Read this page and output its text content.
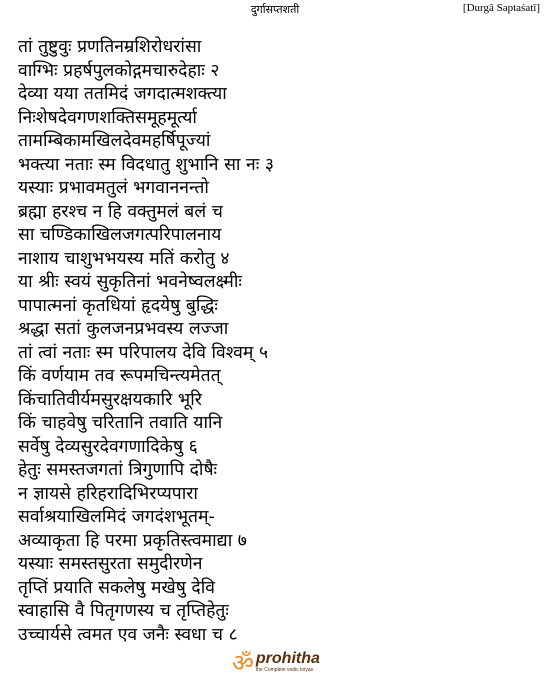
दुर्गासप्तशती	[Durgā Saptaśatī]
तां तुष्टुवुः प्रणतिनम्रशिरोधरांसा
वाग्भिः प्रहर्षपुलकोद्गमचारुदेहाः २
देव्या यया ततमिदं जगदात्मशक्त्या
निःशेषदेवगणशक्तिसमूहमूर्त्या
तामम्बिकामखिलदेवमहर्षिपूज्यां
भक्त्या नताः स्म विदधातु शुभानि सा नः ३
यस्याः प्रभावमतुलं भगवाननन्तो
ब्रह्मा हरश्च न हि वक्तुमलं बलं च
सा चण्डिकाखिलजगत्परिपालनाय
नाशाय चाशुभभयस्य मतिं करोतु ४
या श्रीः स्वयं सुकृतिनां भवनेष्वलक्ष्मीः
पापात्मनां कृतधियां हृदयेषु बुद्धिः
श्रद्धा सतां कुलजनप्रभवस्य लज्जा
तां त्वां नताः स्म परिपालय देवि विश्वम् ५
किं वर्णयाम तव रूपमचिन्त्यमेतत्
किंचातिवीर्यमसुरक्षयकारि भूरि
किं चाहवेषु चरितानि तवाति यानि
सर्वेषु देव्यसुरदेवगणादिकेषु ६
हेतुः समस्तजगतां त्रिगुणापि दोषैः
न ज्ञायसे हरिहरादिभिरप्यपारा
सर्वाश्रयाखिलमिदं जगदंशभूतम्-
अव्याकृता हि परमा प्रकृतिस्त्वमाद्या ७
यस्याः समस्तसुरता समुदीरणेन
तृप्तिं प्रयाति सकलेषु मखेषु देवि
स्वाहासि वै पितृगणस्य च तृप्तिहेतुः
उच्चार्यसे त्वमत एव जनैः स्वधा च ८
ॐ prohitha
the Complete vedic kriyas
